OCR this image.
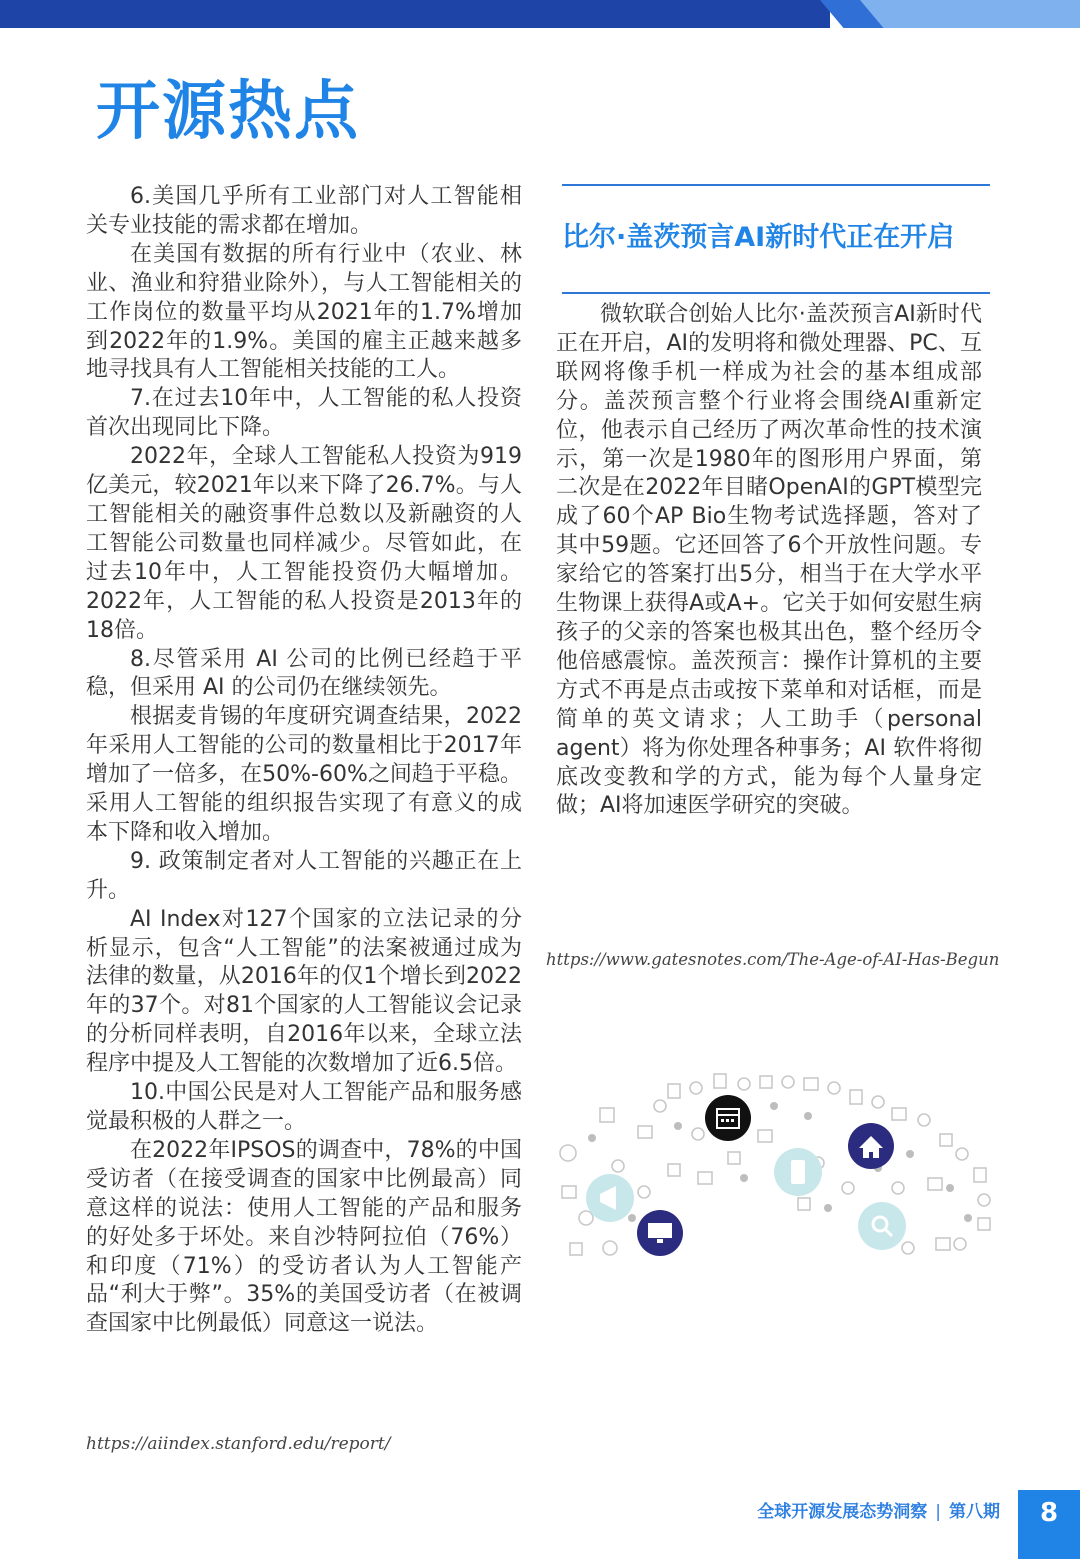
开源热点

6.美国几乎所有工业部门对人工智能相关专业技能的需求都在增加。

在美国有数据的所有行业中（农业、林业、渔业和狩猎业除外），与人工智能相关的工作岗位的数量平均从2021年的1.7%增加到2022年的1.9%。美国的雇主正越来越多地寻找具有人工智能相关技能的工人。

7.在过去10年中，人工智能的私人投资首次出现同比下降。

2022年，全球人工智能私人投资为919亿美元，较2021年以来下降了26.7%。与人工智能相关的融资事件总数以及新融资的人工智能公司数量也同样减少。尽管如此，在过去10年中，人工智能投资仍大幅增加。2022年，人工智能的私人投资是2013年的18倍。

8.尽管采用 AI 公司的比例已经趋于平稳，但采用 AI 的公司仍在继续领先。

根据麦肯锡的年度研究调查结果，2022年采用人工智能的公司的数量相比于2017年增加了一倍多，在50%-60%之间趋于平稳。采用人工智能的组织报告实现了有意义的成本下降和收入增加。

9. 政策制定者对人工智能的兴趣正在上升。

AI Index对127个国家的立法记录的分析显示，包含“人工智能”的法案被通过成为法律的数量，从2016年的仅1个增长到2022年的37个。对81个国家的人工智能议会记录的分析同样表明，自2016年以来，全球立法程序中提及人工智能的次数增加了近6.5倍。

10.中国公民是对人工智能产品和服务感觉最积极的人群之一。

在2022年IPSOS的调查中，78%的中国受访者（在接受调查的国家中比例最高）同意这样的说法：使用人工智能的产品和服务的好处多于坏处。来自沙特阿拉伯（76%）和印度（71%）的受访者认为人工智能产品“利大于弊”。35%的美国受访者（在被调查国家中比例最低）同意这一说法。

https://aiindex.stanford.edu/report/
比尔·盖茨预言AI新时代正在开启

微软联合创始人比尔·盖茨预言AI新时代正在开启，AI的发明将和微处理器、PC、互联网将像手机一样成为社会的基本组成部分。盖茨预言整个行业将会围绕AI重新定位，他表示自己经历了两次革命性的技术演示，第一次是1980年的图形用户界面，第二次是在2022年目睹OpenAI的GPT模型完成了60个AP Bio生物考试选择题，答对了其中59题。它还回答了6个开放性问题。专家给它的答案打出5分，相当于在大学水平生物课上获得A或A+。它关于如何安慰生病孩子的父亲的答案也极其出色，整个经历令他倍感震惊。盖茨预言：操作计算机的主要方式不再是点击或按下菜单和对话框，而是简单的英文请求；人工助手（personal agent）将为你处理各种事务；AI 软件将彻底改变教和学的方式，能为每个人量身定做；AI将加速医学研究的突破。

https://www.gatesnotes.com/The-Age-of-AI-Has-Begun
全球开源发展态势洞察 | 第八期	8
